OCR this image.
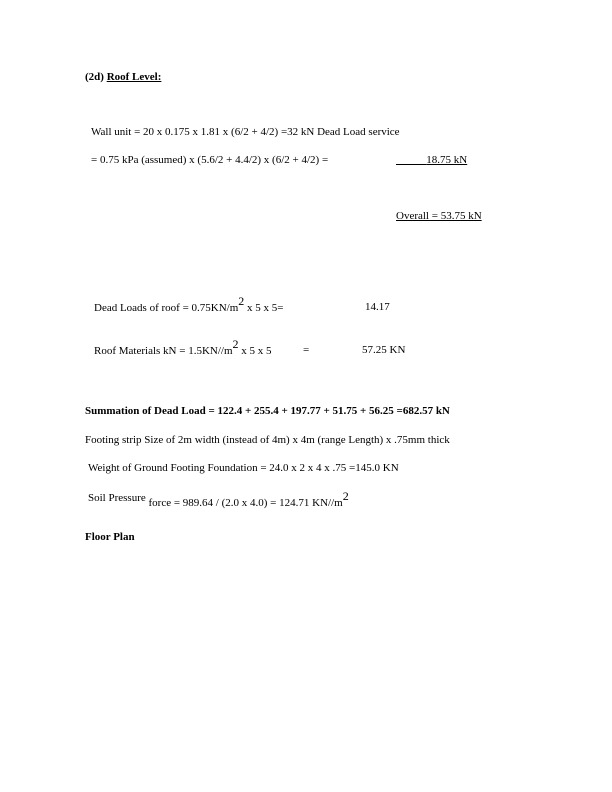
(2d) Roof Level:
Wall unit = 20 x 0.175 x 1.81 x (6/2 + 4/2) =32 kN Dead Load service
= 0.75 kPa (assumed) x (5.6/2 + 4.4/2) x (6/2 + 4/2) =	18.75 kN
Overall = 53.75 kN
Dead Loads of roof = 0.75KN/m2 x 5 x 5=	14.17
Roof Materials kN = 1.5KN//m2 x 5 x 5	=	57.25 KN
Summation of Dead Load = 122.4 + 255.4 + 197.77 + 51.75 + 56.25 =682.57 kN
Footing strip Size of 2m width (instead of 4m) x 4m (range Length) x .75mm thick
Weight of Ground Footing Foundation = 24.0 x 2 x 4 x .75 =145.0 KN
Soil Pressure force = 989.64 / (2.0 x 4.0) = 124.71 KN//m2
Floor Plan
